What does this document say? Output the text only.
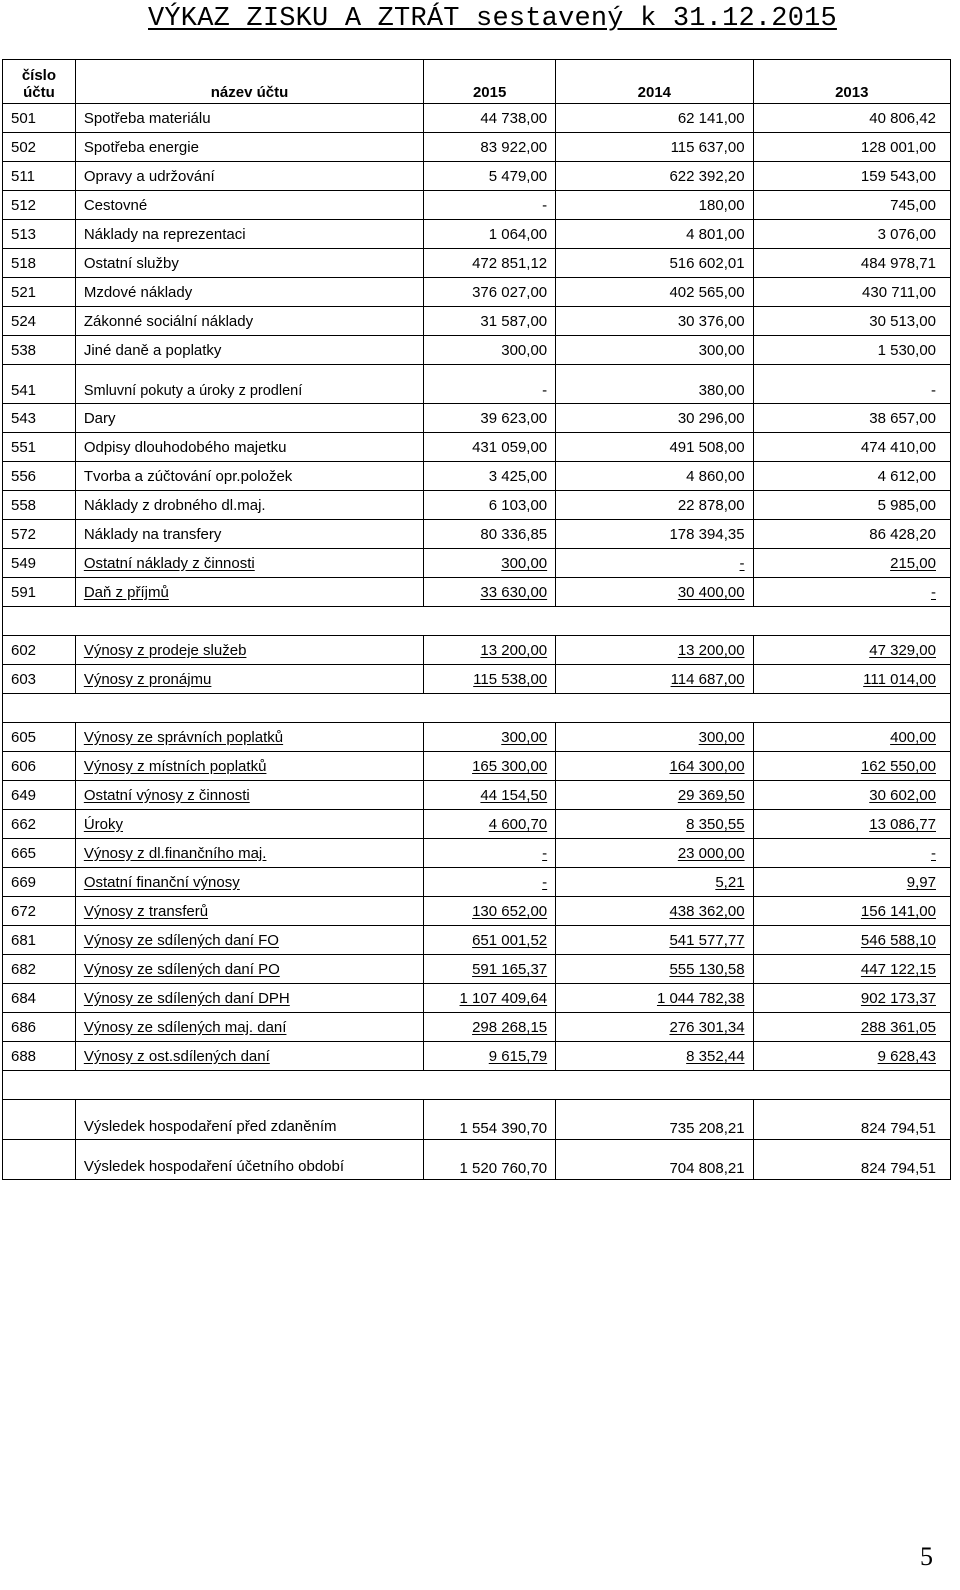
VÝKAZ ZISKU A ZTRÁT sestavený k 31.12.2015
číslo
účtu	název účtu	2015	2014	2013
501	Spotřeba materiálu	44 738,00	62 141,00	40 806,42
502	Spotřeba energie	83 922,00	115 637,00	128 001,00
511	Opravy a udržování	5 479,00	622 392,20	159 543,00
512	Cestovné	-	180,00	745,00
513	Náklady na reprezentaci	1 064,00	4 801,00	3 076,00
518	Ostatní služby	472 851,12	516 602,01	484 978,71
521	Mzdové náklady	376 027,00	402 565,00	430 711,00
524	Zákonné sociální náklady	31 587,00	30 376,00	30 513,00
538	Jiné daně a poplatky	300,00	300,00	1 530,00
541	Smluvní pokuty a úroky z prodlení	-	380,00	-
543	Dary	39 623,00	30 296,00	38 657,00
551	Odpisy dlouhodobého majetku	431 059,00	491 508,00	474 410,00
556	Tvorba a zúčtování opr.položek	3 425,00	4 860,00	4 612,00
558	Náklady z drobného dl.maj.	6 103,00	22 878,00	5 985,00
572	Náklady na transfery	80 336,85	178 394,35	86 428,20
549	Ostatní náklady z činnosti	300,00	-	215,00
591	Daň z příjmů	33 630,00	30 400,00	-

602	Výnosy z prodeje služeb	13 200,00	13 200,00	47 329,00
603	Výnosy z pronájmu	115 538,00	114 687,00	111 014,00

605	Výnosy ze správních poplatků	300,00	300,00	400,00
606	Výnosy z místních poplatků	165 300,00	164 300,00	162 550,00
649	Ostatní výnosy z činnosti	44 154,50	29 369,50	30 602,00
662	Úroky	4 600,70	8 350,55	13 086,77
665	Výnosy z dl.finančního maj.	-	23 000,00	-
669	Ostatní finanční výnosy	-	5,21	9,97
672	Výnosy z transferů	130 652,00	438 362,00	156 141,00
681	Výnosy ze sdílených daní FO	651 001,52	541 577,77	546 588,10
682	Výnosy ze sdílených daní PO	591 165,37	555 130,58	447 122,15
684	Výnosy ze sdílených daní DPH	1 107 409,64	1 044 782,38	902 173,37
686	Výnosy ze sdílených maj. daní	298 268,15	276 301,34	288 361,05
688	Výnosy z ost.sdílených daní	9 615,79	8 352,44	9 628,43

	Výsledek hospodaření před zdaněním	1 554 390,70	735 208,21	824 794,51
	Výsledek hospodaření účetního období	1 520 760,70	704 808,21	824 794,51
5
